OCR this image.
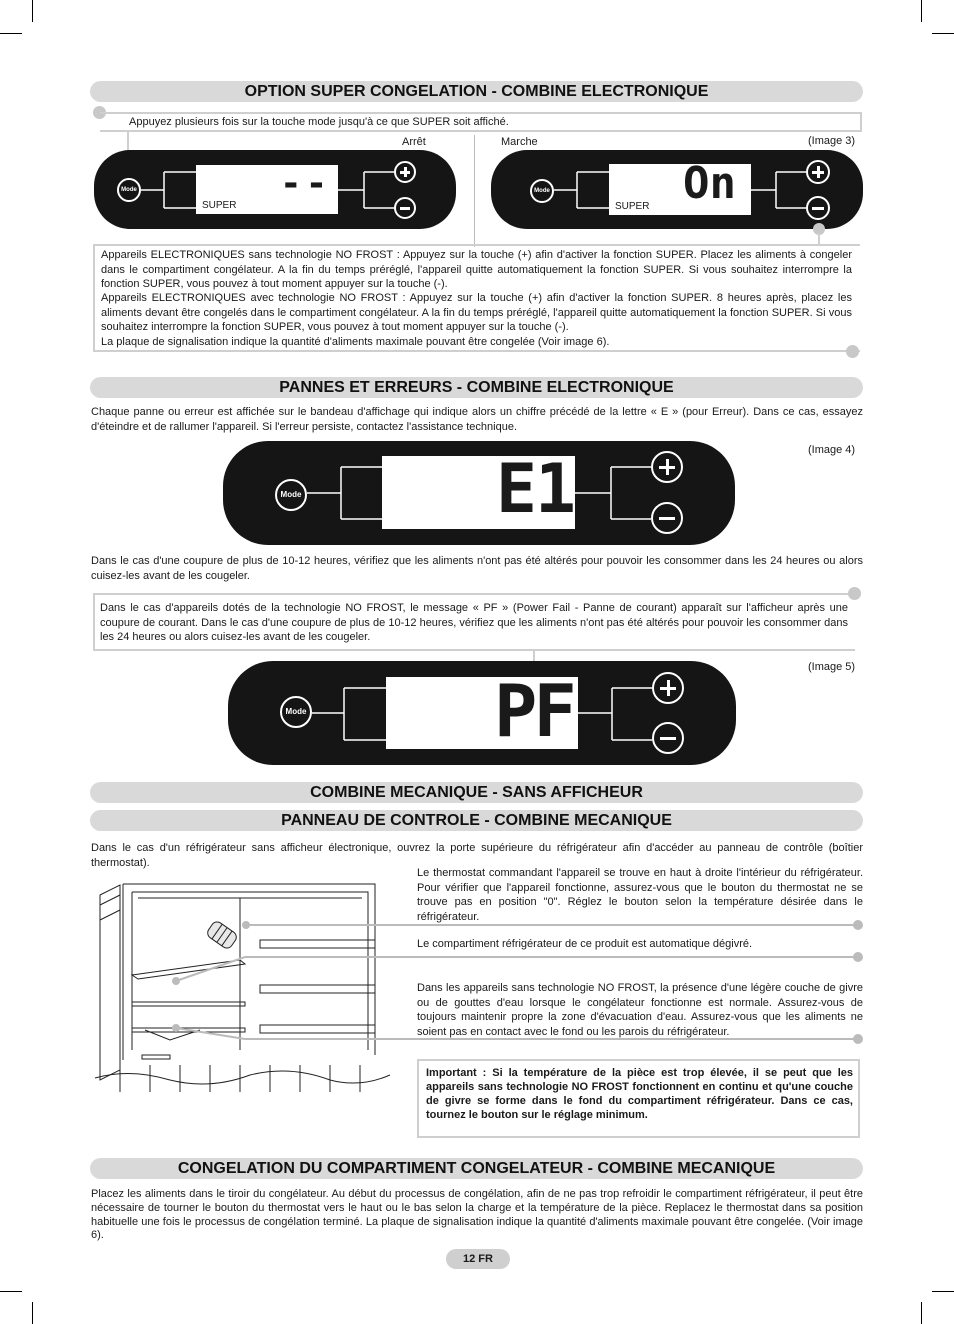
OPTION SUPER CONGELATION - COMBINE ELECTRONIQUE
Appuyez plusieurs fois sur la touche mode jusqu'à ce que SUPER soit affiché.
Arrêt	Marche	(Image 3)
Mode	--
SUPER
Mode	On
SUPER
Appareils ELECTRONIQUES sans technologie NO FROST : Appuyez sur la touche (+) afin d'activer la fonction SUPER. Placez les aliments à congeler dans le compartiment congélateur. A la fin du temps préréglé, l'appareil quitte automatiquement la fonction SUPER. Si vous souhaitez interrompre la fonction SUPER, vous pouvez à tout moment appuyer sur la touche (-).
Appareils ELECTRONIQUES avec technologie NO FROST : Appuyez sur la touche (+) afin d'activer la fonction SUPER. 8 heures après, placez les aliments devant être congelés dans le compartiment congélateur. A la fin du temps préréglé, l'appareil quitte automatiquement la fonction SUPER. Si vous souhaitez interrompre la fonction SUPER, vous pouvez à tout moment appuyer sur la touche (-).
La plaque de signalisation indique la quantité d'aliments maximale pouvant être congelée (Voir image 6).
PANNES ET ERREURS - COMBINE ELECTRONIQUE
Chaque panne ou erreur est affichée sur le bandeau d'affichage qui indique alors un chiffre précédé de la lettre « E » (pour Erreur). Dans ce cas, essayez d'éteindre et de rallumer l'appareil. Si l'erreur persiste, contactez l'assistance technique.
(Image 4)
Mode	E1
Dans le cas d'une coupure de plus de 10-12 heures, vérifiez que les aliments n'ont pas été altérés pour pouvoir les consommer dans les 24 heures ou alors cuisez-les avant de les cougeler.
Dans le cas d'appareils dotés de la technologie NO FROST, le message « PF » (Power Fail - Panne de courant) apparaît sur l'afficheur après une coupure de courant. Dans le cas d'une coupure de plus de 10-12 heures, vérifiez que les aliments n'ont pas été altérés pour pouvoir les consommer dans les 24 heures ou alors cuisez-les avant de les cougeler.
(Image 5)
Mode	PF
COMBINE MECANIQUE - SANS AFFICHEUR
PANNEAU DE CONTROLE - COMBINE MECANIQUE
Dans le cas d'un réfrigérateur sans afficheur électronique, ouvrez la porte supérieure du réfrigérateur afin d'accéder au panneau de contrôle (boîtier thermostat).
Le thermostat commandant l'appareil se trouve en haut à droite l'intérieur du réfrigérateur. Pour vérifier que l'appareil fonctionne, assurez-vous que le bouton du thermostat ne se trouve pas en position "0". Réglez le bouton selon la température désirée dans le réfrigérateur.
Le compartiment réfrigérateur de ce produit est automatique dégivré.
Dans les appareils sans technologie NO FROST, la présence d'une légère couche de givre ou de gouttes d'eau lorsque le congélateur fonctionne est normale. Assurez-vous de toujours maintenir propre la zone d'évacuation d'eau. Assurez-vous que les aliments ne soient pas en contact avec le fond ou les parois du réfrigérateur.
Important : Si la température de la pièce est trop élevée, il se peut que les appareils sans technologie NO FROST fonctionnent en continu et qu'une couche de givre se forme dans le fond du compartiment réfrigérateur. Dans ce cas, tournez le bouton sur le réglage minimum.
CONGELATION DU COMPARTIMENT CONGELATEUR - COMBINE MECANIQUE
Placez les aliments dans le tiroir du congélateur. Au début du processus de congélation, afin de ne pas trop refroidir le compartiment réfrigérateur, il peut être nécessaire de tourner le bouton du thermostat vers le haut ou le bas selon la charge et la température de la pièce. Replacez le thermostat dans sa position habituelle une fois le processus de congélation terminé. La plaque de signalisation indique la quantité d'aliments maximale pouvant être congelée. (Voir image 6).
12 FR
